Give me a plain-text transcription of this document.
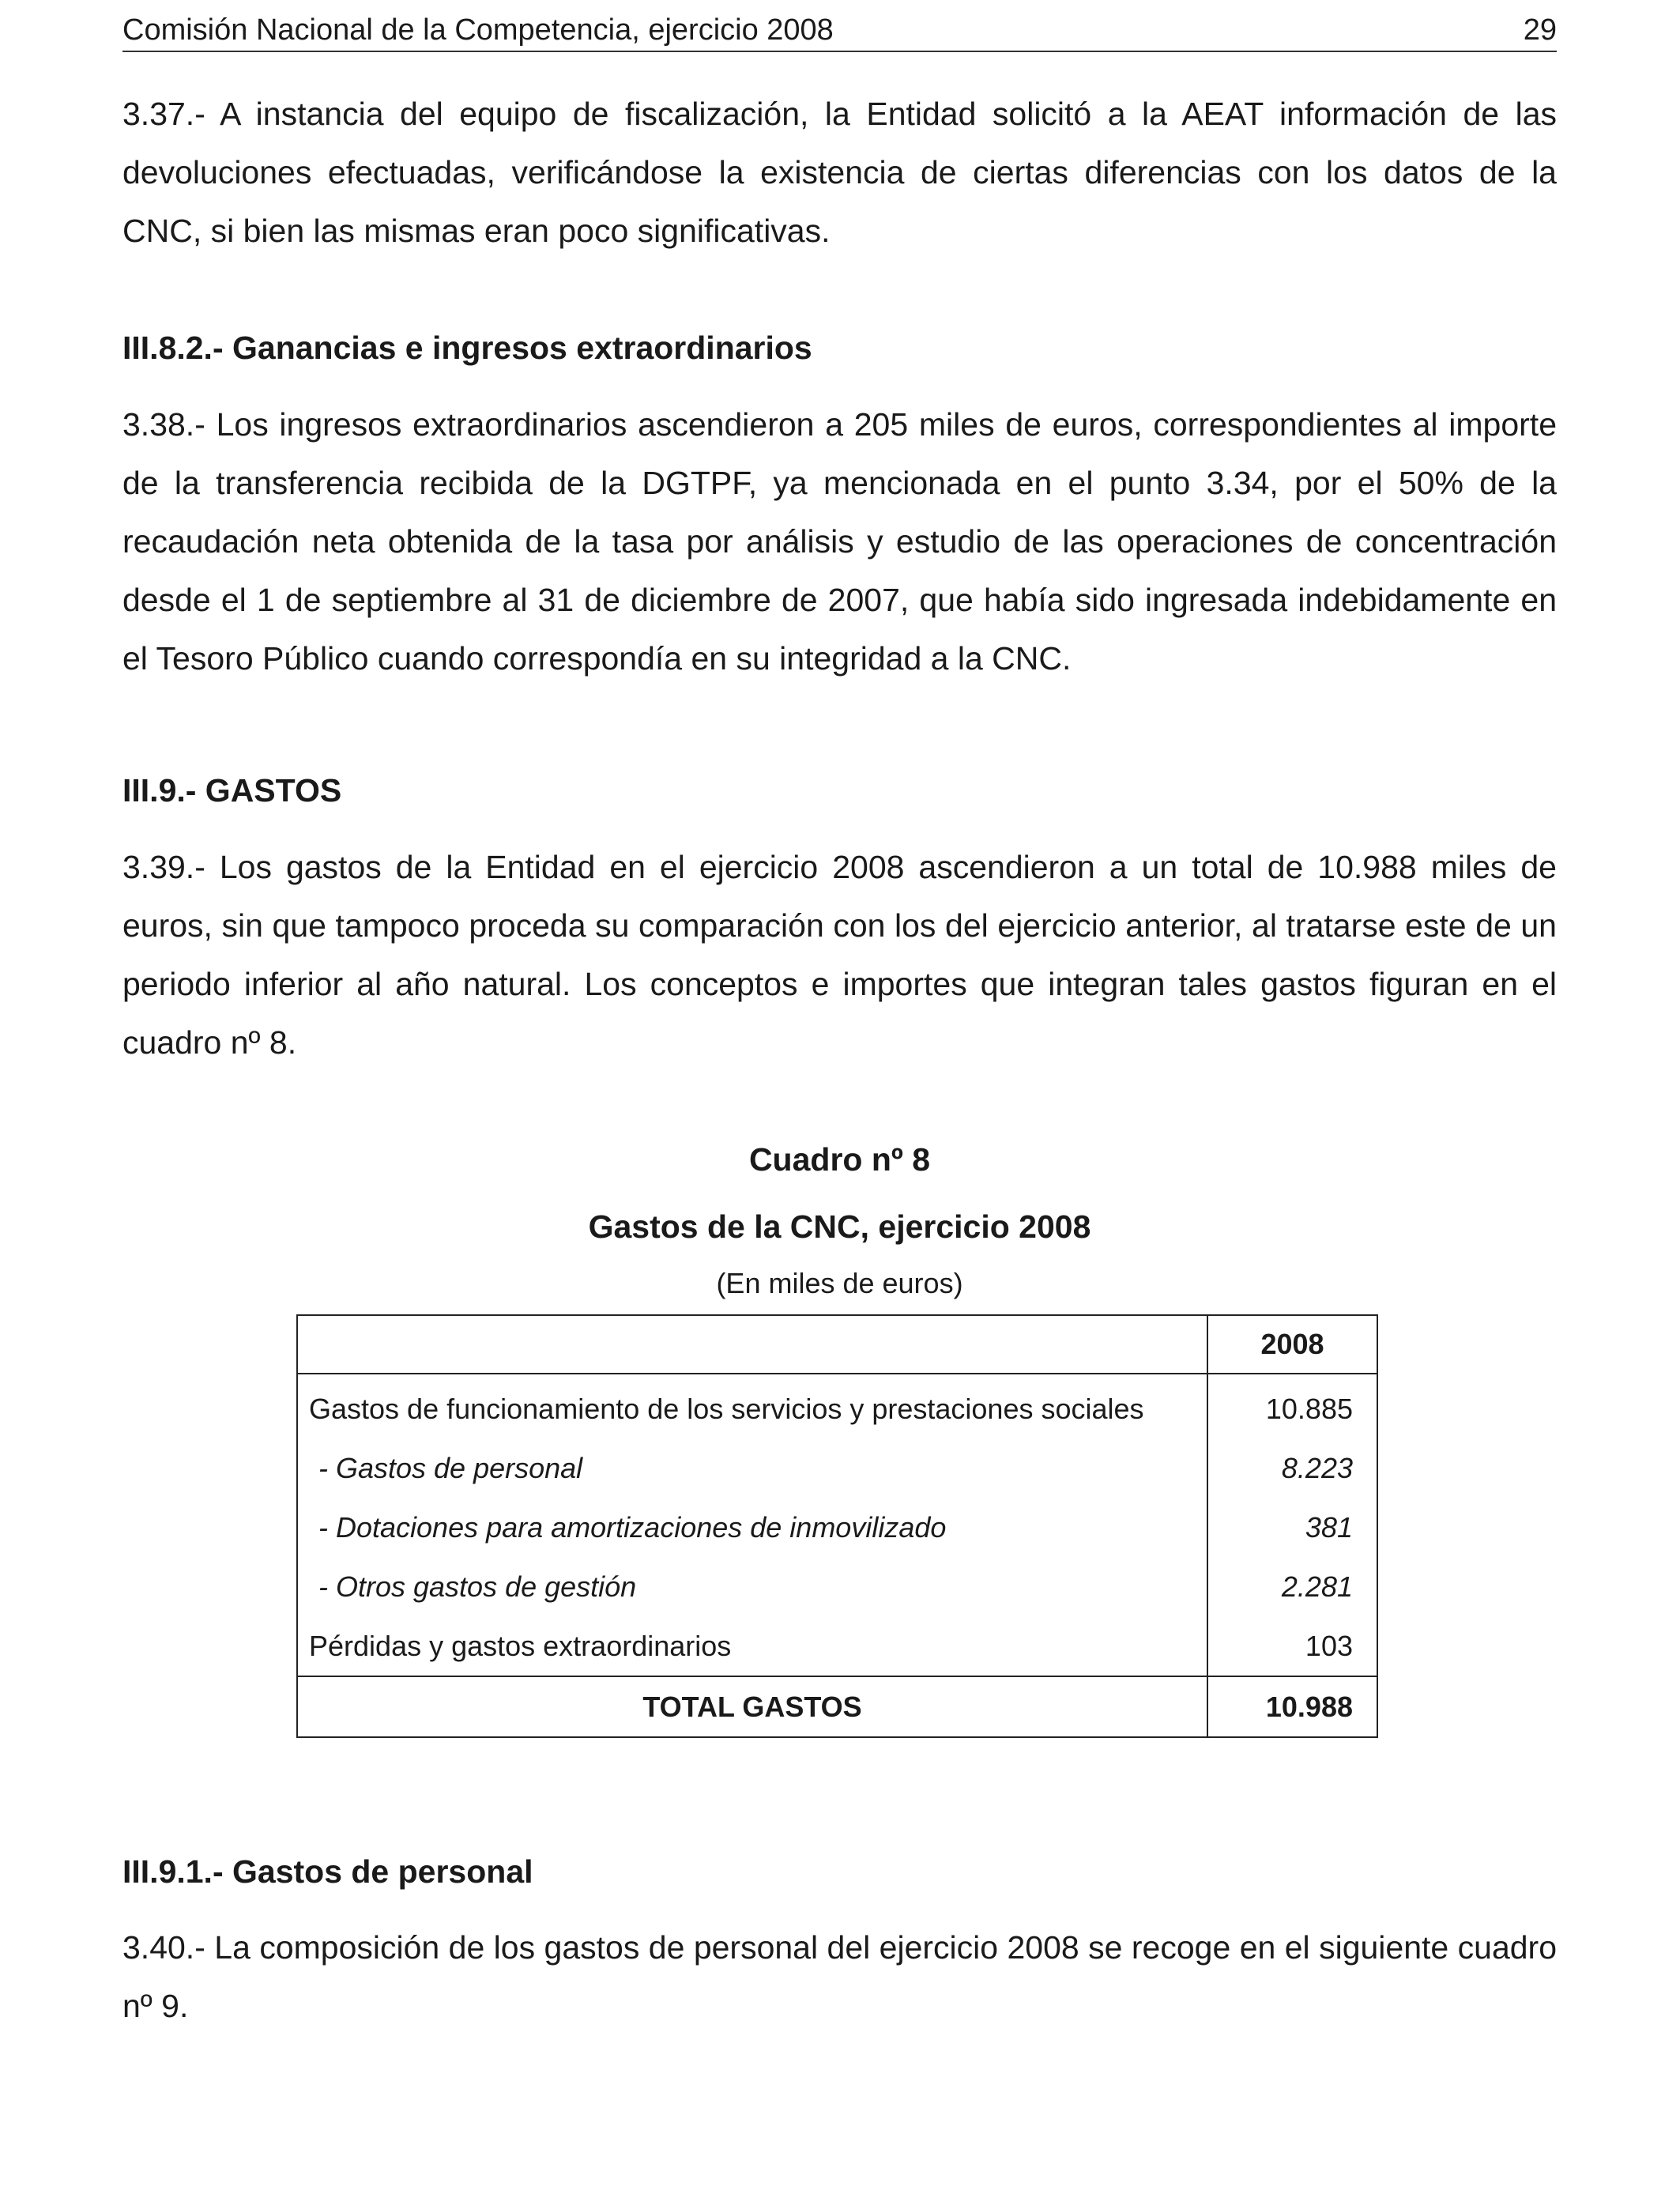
Comisión Nacional de la Competencia, ejercicio 2008	29

3.37.- A instancia del equipo de fiscalización, la Entidad solicitó a la AEAT información de las devoluciones efectuadas, verificándose la existencia de ciertas diferencias con los datos de la CNC, si bien las mismas eran poco significativas.

III.8.2.- Ganancias e ingresos extraordinarios

3.38.- Los ingresos extraordinarios ascendieron a 205 miles de euros, correspondientes al importe de la transferencia recibida de la DGTPF, ya mencionada en el punto 3.34, por el 50% de la recaudación neta obtenida de la tasa por análisis y estudio de las operaciones de concentración desde el 1 de septiembre al 31 de diciembre de 2007, que había sido ingresada indebidamente en el Tesoro Público cuando correspondía en su integridad a la CNC.

III.9.- GASTOS

3.39.- Los gastos de la Entidad en el ejercicio 2008 ascendieron a un total de 10.988 miles de euros, sin que tampoco proceda su comparación con los del ejercicio anterior, al tratarse este de un periodo inferior al año natural. Los conceptos e importes que integran tales gastos figuran en el cuadro nº 8.

Cuadro nº 8

Gastos de la CNC, ejercicio 2008

(En miles de euros)

	2008
Gastos de funcionamiento de los servicios y prestaciones sociales	10.885
- Gastos de personal	8.223
- Dotaciones para amortizaciones de inmovilizado	381
- Otros gastos de gestión	2.281
Pérdidas y gastos extraordinarios	103
TOTAL GASTOS	10.988

III.9.1.- Gastos de personal

3.40.- La composición de los gastos de personal del ejercicio 2008 se recoge en el siguiente cuadro nº 9.
